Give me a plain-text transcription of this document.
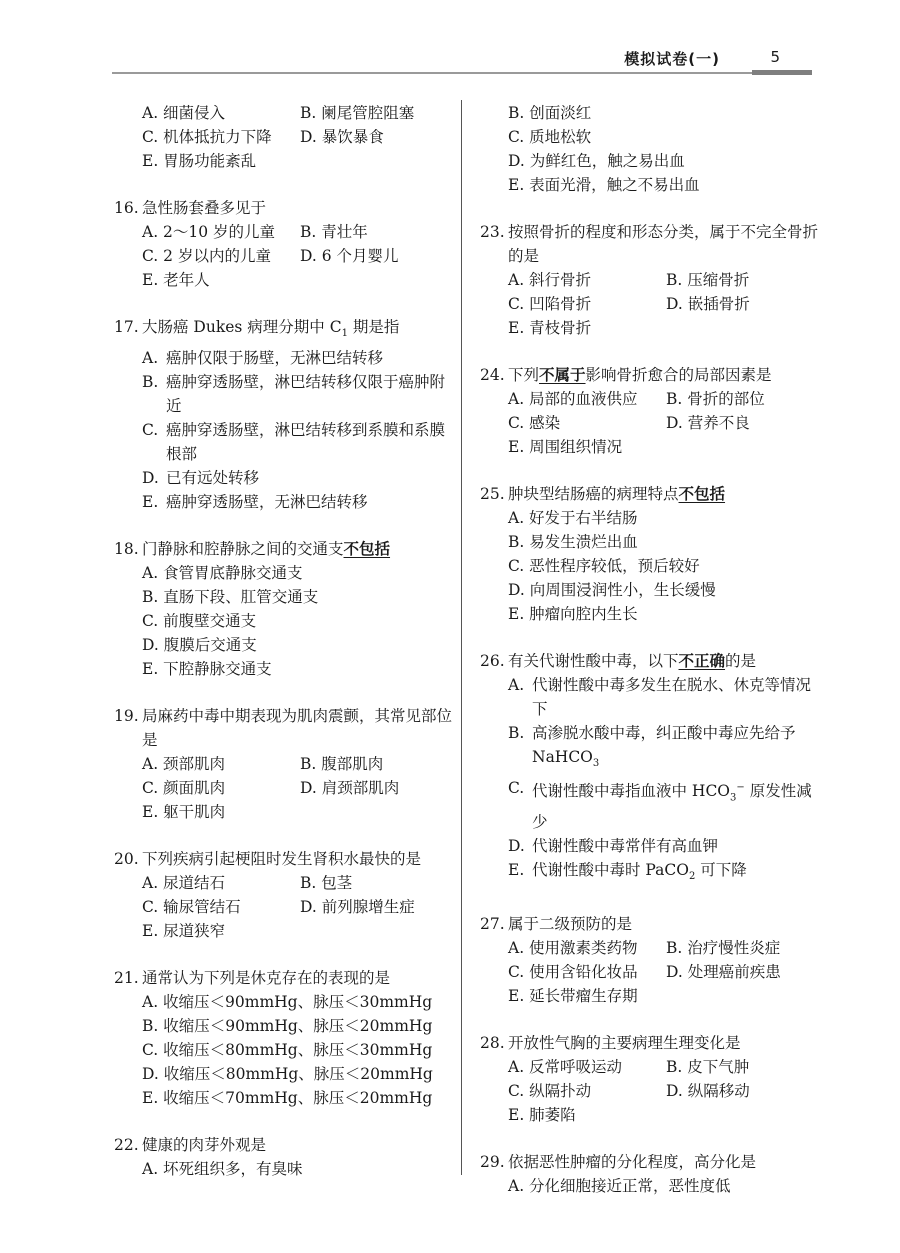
模拟试卷(一)	5
A. 细菌侵入	B. 阑尾管腔阻塞
C. 机体抵抗力下降	D. 暴饮暴食
E. 胃肠功能紊乱
16. 急性肠套叠多见于
A. 2～10 岁的儿童	B. 青壮年
C. 2 岁以内的儿童	D. 6 个月婴儿
E. 老年人
17. 大肠癌 Dukes 病理分期中 $C_1$ 期是指
A. 癌肿仅限于肠壁，无淋巴结转移
B. 癌肿穿透肠壁，淋巴结转移仅限于癌肿附近
C. 癌肿穿透肠壁，淋巴结转移到系膜和系膜根部
D. 已有远处转移
E. 癌肿穿透肠壁，无淋巴结转移
18. 门静脉和腔静脉之间的交通支不包括
A. 食管胃底静脉交通支
B. 直肠下段、肛管交通支
C. 前腹壁交通支
D. 腹膜后交通支
E. 下腔静脉交通支
19. 局麻药中毒中期表现为肌肉震颤，其常见部位是
A. 颈部肌肉	B. 腹部肌肉
C. 颜面肌肉	D. 肩颈部肌肉
E. 躯干肌肉
20. 下列疾病引起梗阻时发生肾积水最快的是
A. 尿道结石	B. 包茎
C. 输尿管结石	D. 前列腺增生症
E. 尿道狭窄
21. 通常认为下列是休克存在的表现的是
A. 收缩压＜90mmHg、脉压＜30mmHg
B. 收缩压＜90mmHg、脉压＜20mmHg
C. 收缩压＜80mmHg、脉压＜30mmHg
D. 收缩压＜80mmHg、脉压＜20mmHg
E. 收缩压＜70mmHg、脉压＜20mmHg
22. 健康的肉芽外观是
A. 坏死组织多，有臭味
B. 创面淡红
C. 质地松软
D. 为鲜红色，触之易出血
E. 表面光滑，触之不易出血
23. 按照骨折的程度和形态分类，属于不完全骨折的是
A. 斜行骨折	B. 压缩骨折
C. 凹陷骨折	D. 嵌插骨折
E. 青枝骨折
24. 下列不属于影响骨折愈合的局部因素是
A. 局部的血液供应	B. 骨折的部位
C. 感染	D. 营养不良
E. 周围组织情况
25. 肿块型结肠癌的病理特点不包括
A. 好发于右半结肠
B. 易发生溃烂出血
C. 恶性程序较低，预后较好
D. 向周围浸润性小，生长缓慢
E. 肿瘤向腔内生长
26. 有关代谢性酸中毒，以下不正确的是
A. 代谢性酸中毒多发生在脱水、休克等情况下
B. 高渗脱水酸中毒，纠正酸中毒应先给予 NaHCO$_3$
C. 代谢性酸中毒指血液中 $HCO_3^-$ 原发性减少
D. 代谢性酸中毒常伴有高血钾
E. 代谢性酸中毒时 PaCO$_2$ 可下降
27. 属于二级预防的是
A. 使用激素类药物	B. 治疗慢性炎症
C. 使用含铅化妆品	D. 处理癌前疾患
E. 延长带瘤生存期
28. 开放性气胸的主要病理生理变化是
A. 反常呼吸运动	B. 皮下气肿
C. 纵隔扑动	D. 纵隔移动
E. 肺萎陷
29. 依据恶性肿瘤的分化程度，高分化是
A. 分化细胞接近正常，恶性度低
